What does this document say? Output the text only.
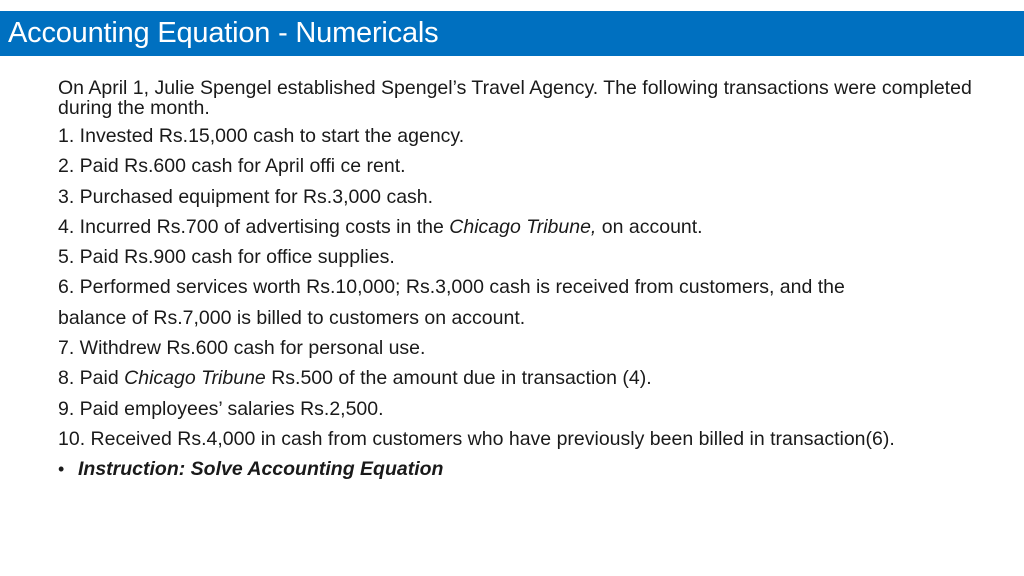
Accounting Equation - Numericals

On April 1, Julie Spengel established Spengel’s Travel Agency. The following transactions were completed during the month.

1. Invested Rs.15,000 cash to start the agency.
2. Paid Rs.600 cash for April offi ce rent.
3. Purchased equipment for Rs.3,000 cash.
4. Incurred Rs.700 of advertising costs in the Chicago Tribune, on account.
5. Paid Rs.900 cash for office supplies.
6. Performed services worth Rs.10,000; Rs.3,000 cash is received from customers, and the
balance of Rs.7,000 is billed to customers on account.
7. Withdrew Rs.600 cash for personal use.
8. Paid Chicago Tribune Rs.500 of the amount due in transaction (4).
9. Paid employees’ salaries Rs.2,500.
10. Received Rs.4,000 in cash from customers who have previously been billed in transaction(6).
• Instruction: Solve Accounting Equation
